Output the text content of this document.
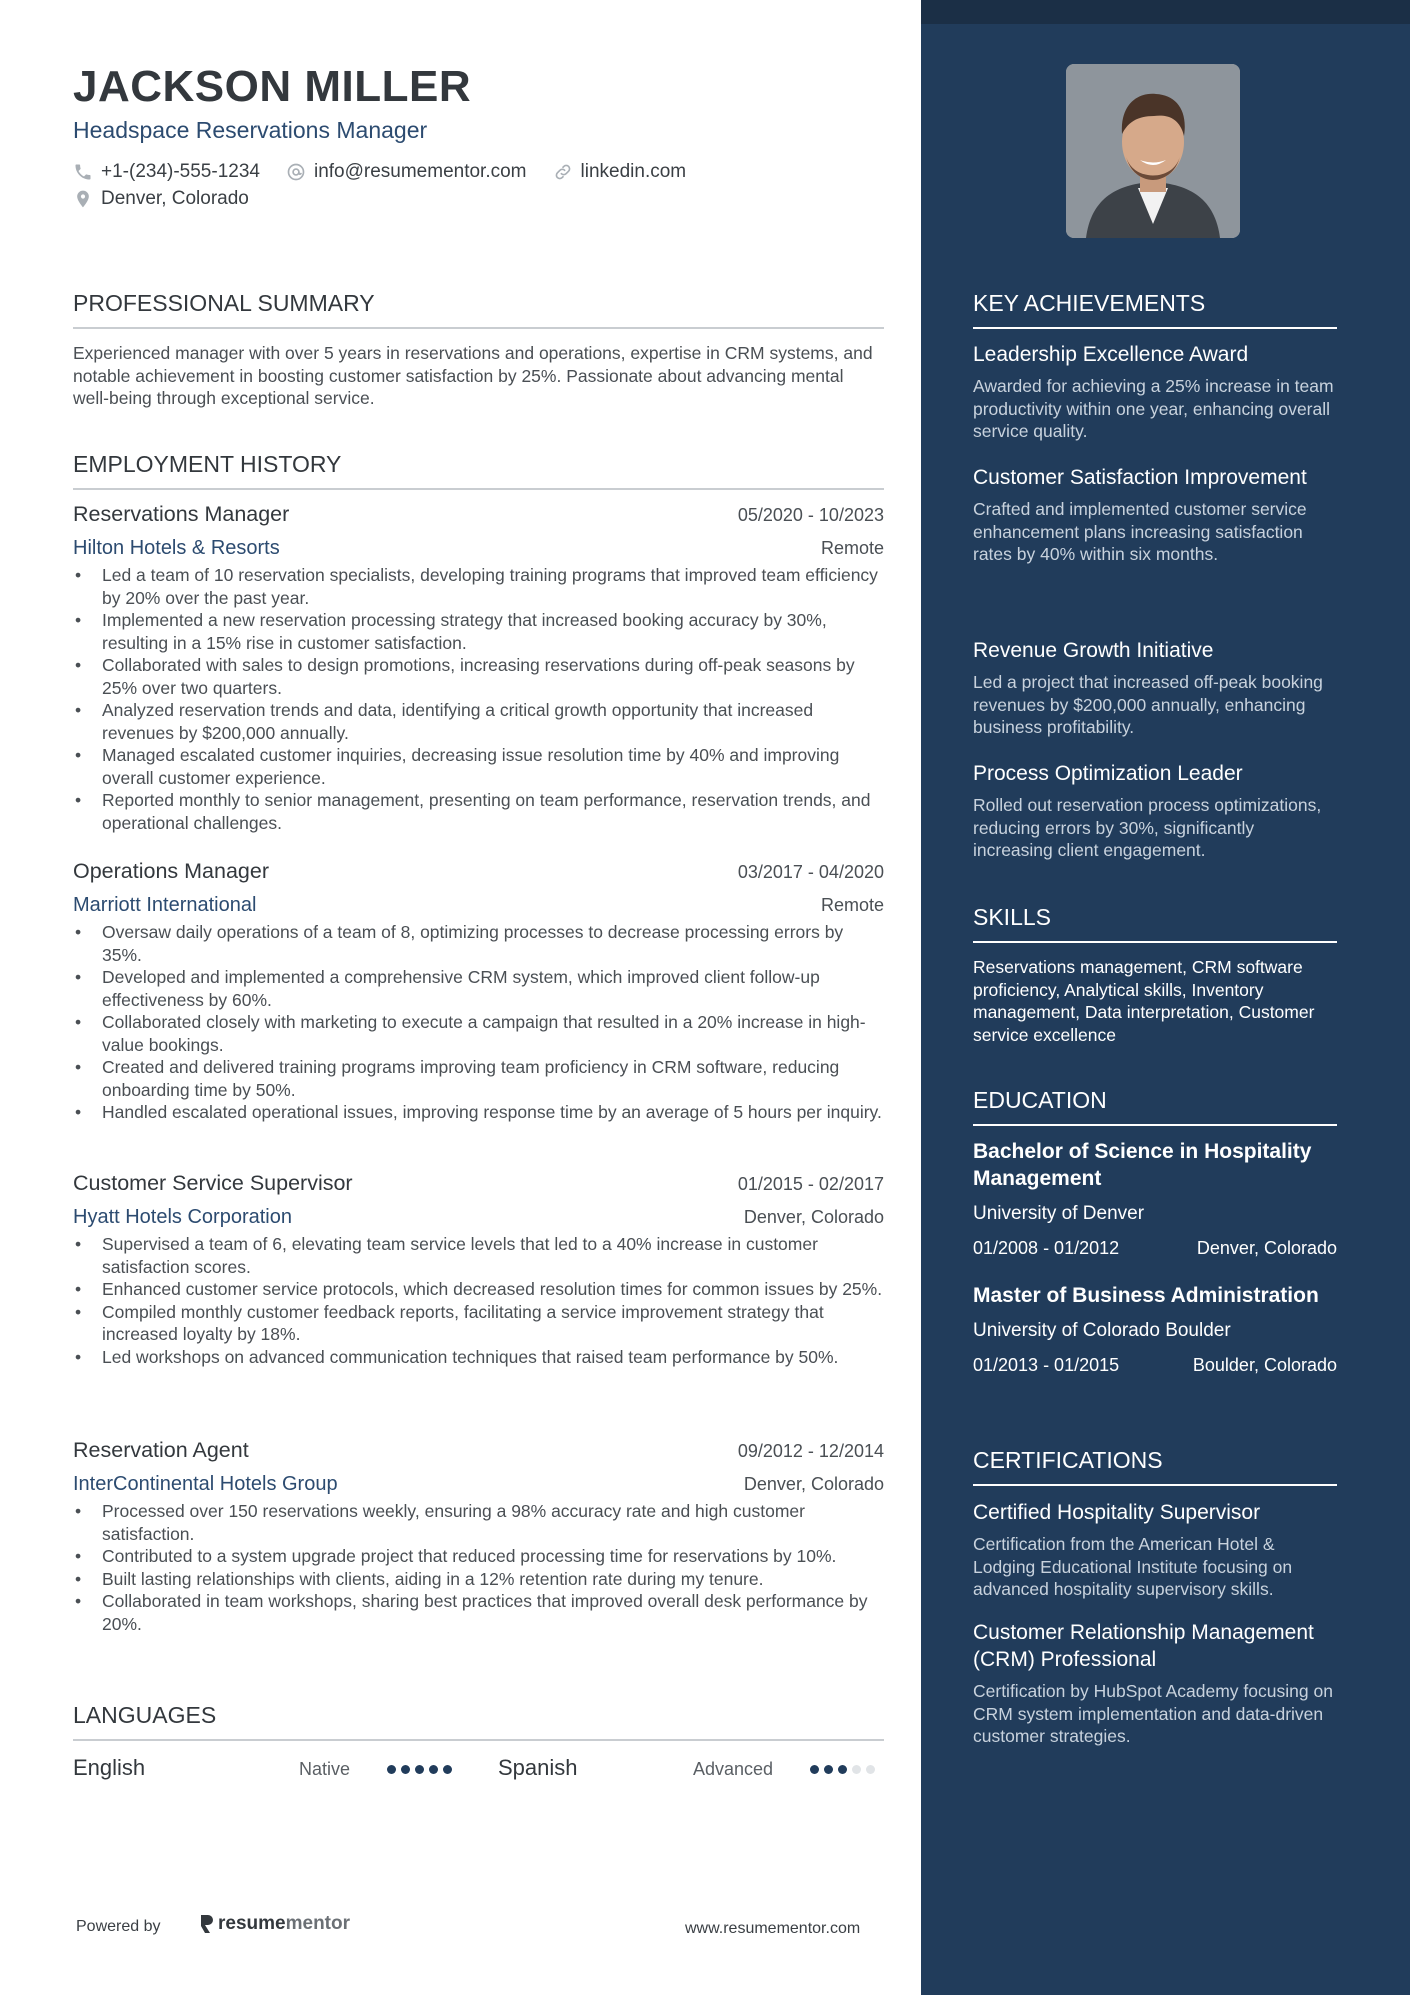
JACKSON MILLER
Headspace Reservations Manager
+1-(234)-555-1234	info@resumementor.com	linkedin.com
Denver, Colorado
PROFESSIONAL SUMMARY
Experienced manager with over 5 years in reservations and operations, expertise in CRM systems, and notable achievement in boosting customer satisfaction by 25%. Passionate about advancing mental well-being through exceptional service.
EMPLOYMENT HISTORY
Reservations Manager	05/2020 - 10/2023
Hilton Hotels & Resorts	Remote
• Led a team of 10 reservation specialists, developing training programs that improved team efficiency by 20% over the past year.
• Implemented a new reservation processing strategy that increased booking accuracy by 30%, resulting in a 15% rise in customer satisfaction.
• Collaborated with sales to design promotions, increasing reservations during off-peak seasons by 25% over two quarters.
• Analyzed reservation trends and data, identifying a critical growth opportunity that increased revenues by $200,000 annually.
• Managed escalated customer inquiries, decreasing issue resolution time by 40% and improving overall customer experience.
• Reported monthly to senior management, presenting on team performance, reservation trends, and operational challenges.
Operations Manager	03/2017 - 04/2020
Marriott International	Remote
• Oversaw daily operations of a team of 8, optimizing processes to decrease processing errors by 35%.
• Developed and implemented a comprehensive CRM system, which improved client follow-up effectiveness by 60%.
• Collaborated closely with marketing to execute a campaign that resulted in a 20% increase in high-value bookings.
• Created and delivered training programs improving team proficiency in CRM software, reducing onboarding time by 50%.
• Handled escalated operational issues, improving response time by an average of 5 hours per inquiry.
Customer Service Supervisor	01/2015 - 02/2017
Hyatt Hotels Corporation	Denver, Colorado
• Supervised a team of 6, elevating team service levels that led to a 40% increase in customer satisfaction scores.
• Enhanced customer service protocols, which decreased resolution times for common issues by 25%.
• Compiled monthly customer feedback reports, facilitating a service improvement strategy that increased loyalty by 18%.
• Led workshops on advanced communication techniques that raised team performance by 50%.
Reservation Agent	09/2012 - 12/2014
InterContinental Hotels Group	Denver, Colorado
• Processed over 150 reservations weekly, ensuring a 98% accuracy rate and high customer satisfaction.
• Contributed to a system upgrade project that reduced processing time for reservations by 10%.
• Built lasting relationships with clients, aiding in a 12% retention rate during my tenure.
• Collaborated in team workshops, sharing best practices that improved overall desk performance by 20%.
LANGUAGES
English	Native	Spanish	Advanced
Powered by	resumementor	www.resumementor.com
KEY ACHIEVEMENTS
Leadership Excellence Award
Awarded for achieving a 25% increase in team productivity within one year, enhancing overall service quality.
Customer Satisfaction Improvement
Crafted and implemented customer service enhancement plans increasing satisfaction rates by 40% within six months.
Revenue Growth Initiative
Led a project that increased off-peak booking revenues by $200,000 annually, enhancing business profitability.
Process Optimization Leader
Rolled out reservation process optimizations, reducing errors by 30%, significantly increasing client engagement.
SKILLS
Reservations management, CRM software proficiency, Analytical skills, Inventory management, Data interpretation, Customer service excellence
EDUCATION
Bachelor of Science in Hospitality Management
University of Denver
01/2008 - 01/2012	Denver, Colorado
Master of Business Administration
University of Colorado Boulder
01/2013 - 01/2015	Boulder, Colorado
CERTIFICATIONS
Certified Hospitality Supervisor
Certification from the American Hotel & Lodging Educational Institute focusing on advanced hospitality supervisory skills.
Customer Relationship Management (CRM) Professional
Certification by HubSpot Academy focusing on CRM system implementation and data-driven customer strategies.
